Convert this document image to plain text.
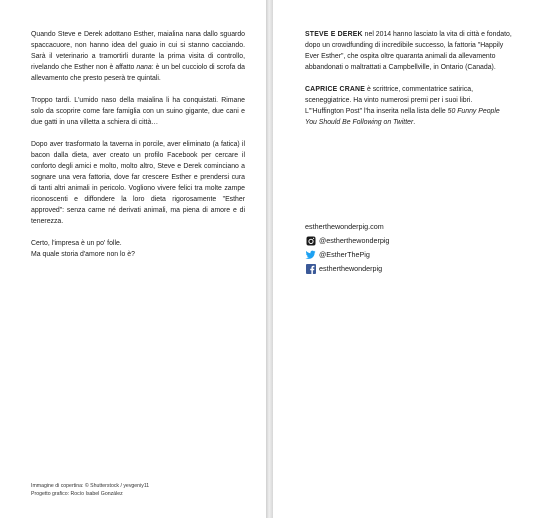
Quando Steve e Derek adottano Esther, maialina nana dallo sguardo spaccacuore, non hanno idea del guaio in cui si stanno cacciando. Sarà il veterinario a tramortirli durante la prima visita di controllo, rivelando che Esther non è affatto nana: è un bel cucciolo di scrofa da allevamento che presto peserà tre quintali.

Troppo tardi. L'umido naso della maialina li ha conquistati. Rimane solo da scoprire come fare famiglia con un suino gigante, due cani e due gatti in una villetta a schiera di città…

Dopo aver trasformato la taverna in porcile, aver eliminato (a fatica) il bacon dalla dieta, aver creato un profilo Facebook per cercare il conforto degli amici e molto, molto altro, Steve e Derek cominciano a sognare una vera fattoria, dove far crescere Esther e prendersi cura di tanti altri animali in pericolo. Vogliono vivere felici tra molte zampe riconoscenti e diffondere la loro dieta rigorosamente "Esther approved": senza carne né derivati animali, ma piena di amore e di tenerezza.

Certo, l'impresa è un po' folle.
Ma quale storia d'amore non lo è?

Immagine di copertina: © Shutterstock / yevgeniy11
Progetto grafico: Rocío Isabel González

STEVE E DEREK nel 2014 hanno lasciato la vita di città e fondato, dopo un crowdfunding di incredibile successo, la fattoria "Happily Ever Esther", che ospita oltre quaranta animali da allevamento abbandonati o maltrattati a Campbellville, in Ontario (Canada).

CAPRICE CRANE è scrittrice, commentatrice satirica, sceneggiatrice. Ha vinto numerosi premi per i suoi libri. L'"Huffington Post" l'ha inserita nella lista delle 50 Funny People You Should Be Following on Twitter.

estherthewonderpig.com
@estherthewonderpig
@EstherThePig
estherthewonderpig
